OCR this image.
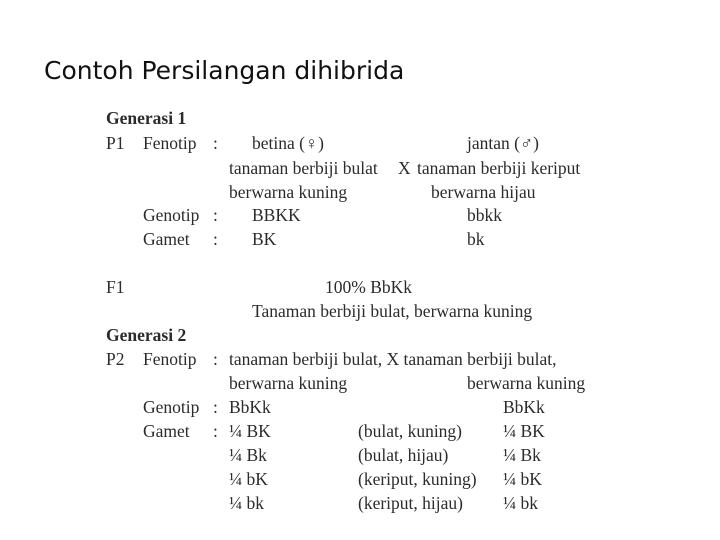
Contoh Persilangan dihibrida
Generasi 1
P1 Fenotip : betina (♀)	jantan (♂)
tanaman berbiji bulat X tanaman berbiji keriput
berwarna kuning	berwarna hijau
Genotip : BBKK	bbkk
Gamet : BK	bk
F1	100% BbKk
Tanaman berbiji bulat, berwarna kuning
Generasi 2
P2 Fenotip : tanaman berbiji bulat, X tanaman berbiji bulat,
berwarna kuning	berwarna kuning
Genotip : BbKk	BbKk
Gamet : ¼ BK	(bulat, kuning) ¼ BK
¼ Bk	(bulat, hijau)	¼ Bk
¼ bK	(keriput, kuning) ¼ bK
¼ bk	(keriput, hijau) ¼ bk
